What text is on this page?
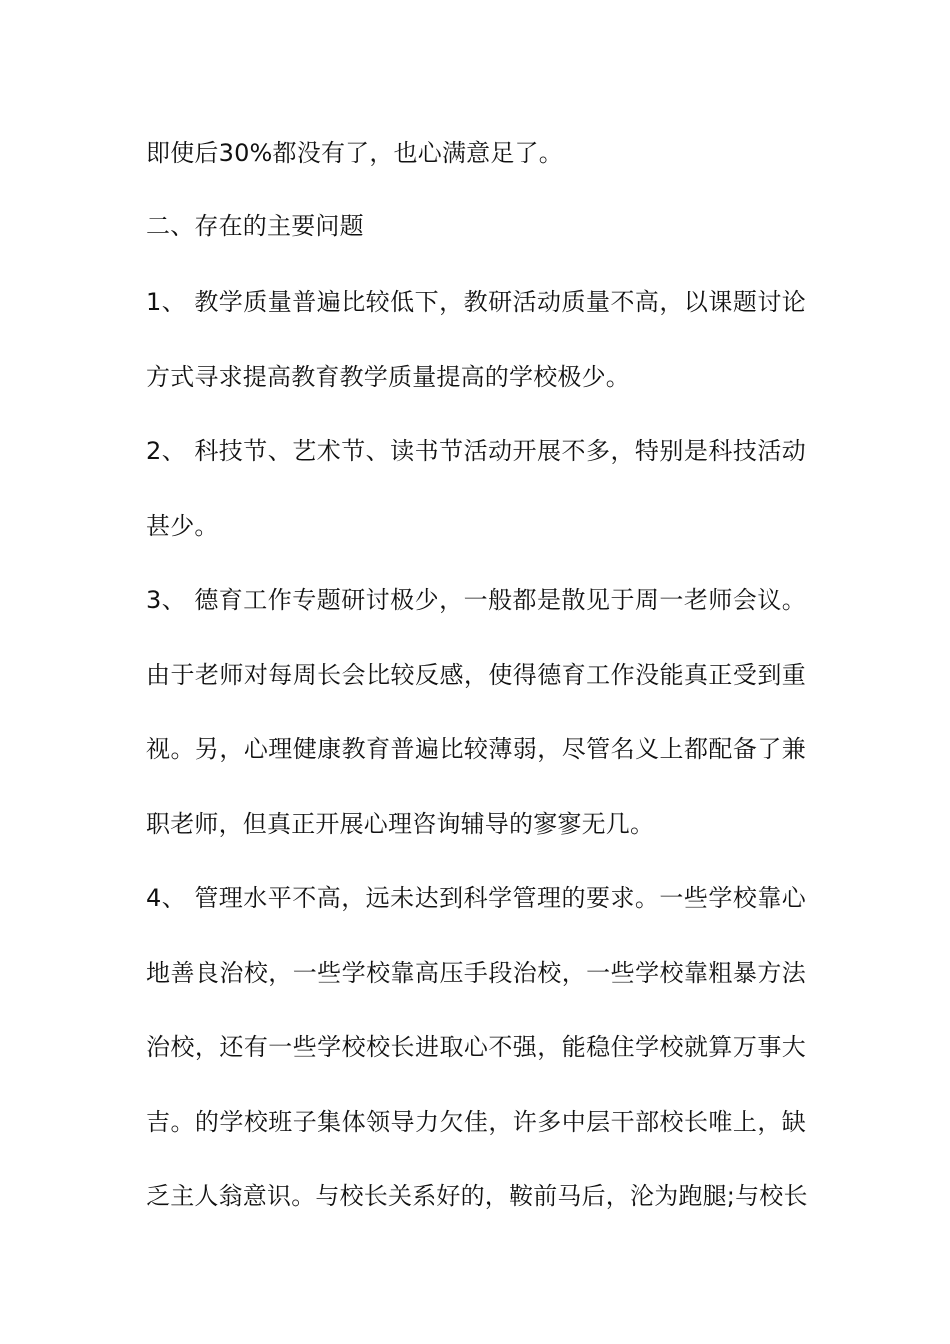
即使后30%都没有了，也心满意足了。
二、存在的主要问题
1、 教学质量普遍比较低下，教研活动质量不高，以课题讨论
方式寻求提高教育教学质量提高的学校极少。
2、 科技节、艺术节、读书节活动开展不多，特别是科技活动
甚少。
3、 德育工作专题研讨极少，一般都是散见于周一老师会议。
由于老师对每周长会比较反感，使得德育工作没能真正受到重
视。另，心理健康教育普遍比较薄弱，尽管名义上都配备了兼
职老师，但真正开展心理咨询辅导的寥寥无几。
4、 管理水平不高，远未达到科学管理的要求。一些学校靠心
地善良治校，一些学校靠高压手段治校，一些学校靠粗暴方法
治校，还有一些学校校长进取心不强，能稳住学校就算万事大
吉。的学校班子集体领导力欠佳，许多中层干部校长唯上，缺
乏主人翁意识。与校长关系好的，鞍前马后，沦为跑腿;与校长
